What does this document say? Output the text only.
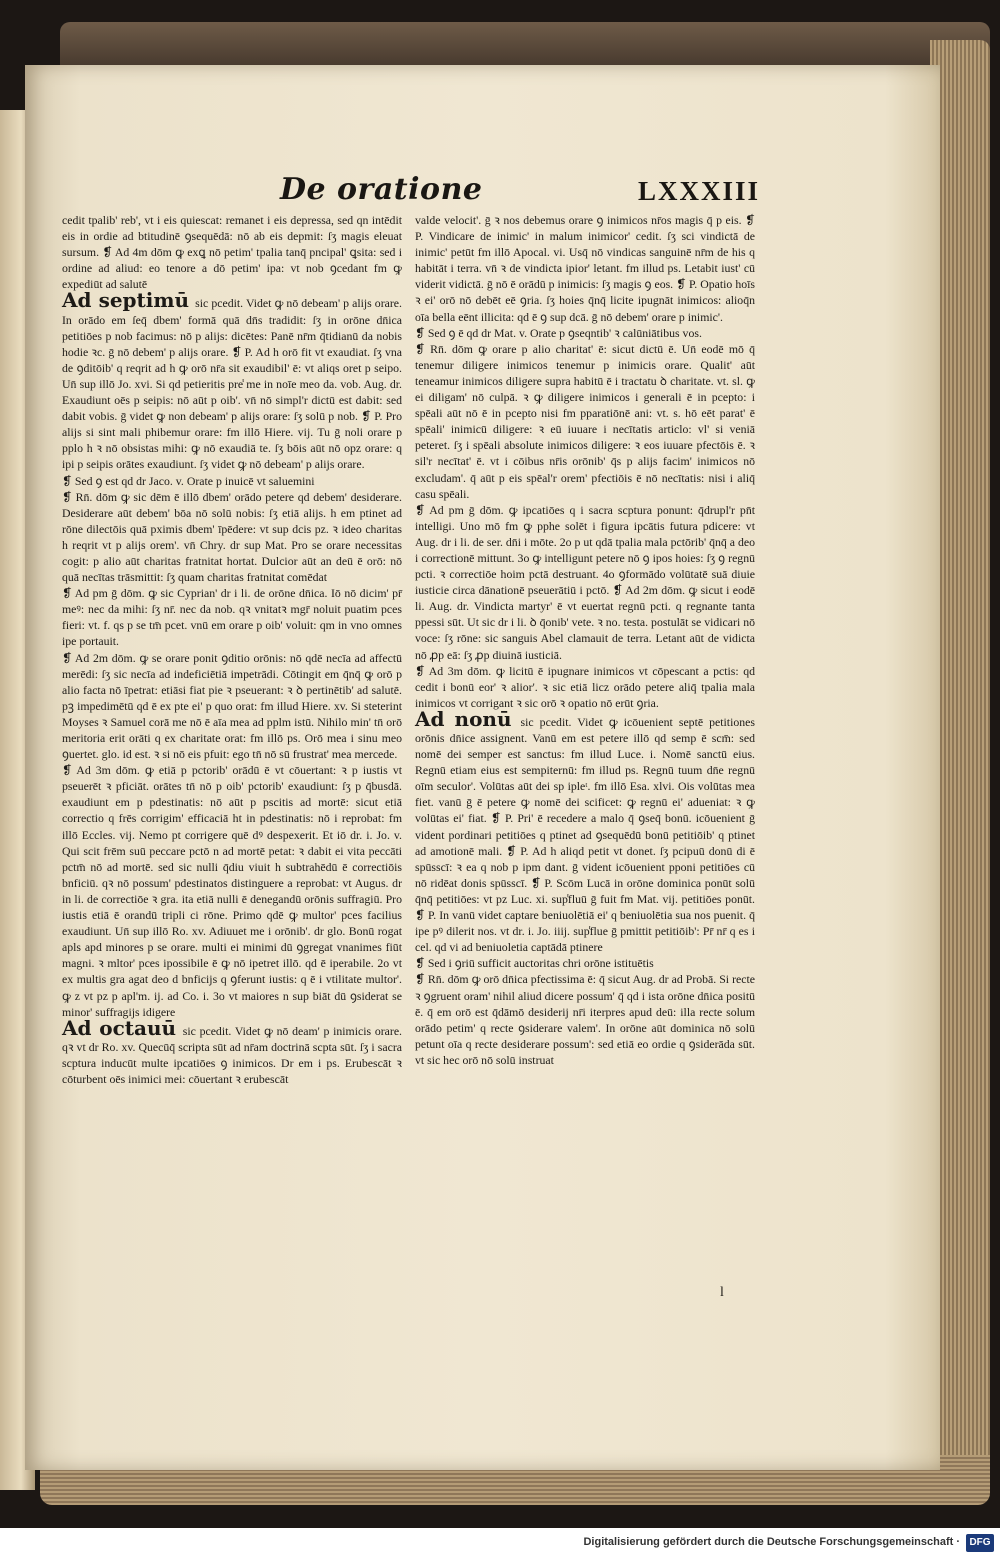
De oratione	LXXXIII

cedit tpalib' reb', vt i eis quiescat: remanet i eis depressa, sed qn intēdit eis in ordie ad btitudinē ꝯsequēdā: nō ab eis depmit: ſʒ magis eleuat sursum. ❡ Ad 4m dōm ꝙ exꝗ nō petim' tpalia tanq̄ pncipal' ꝗsita: sed i ordine ad aliud: eo tenore a dō petim' ipa: vt nob ꝯcedant fm ꝙ expediūt ad salutē

Ad septimū sic pcedit. Videt ꝙ nō debeam' p alijs orare. In orādo em ſeq̄ dbem' formā quā dn̄s tradidit: ſʒ in orōne dn̄ica petitiōes p nob facimus: nō p alijs: dicētes: Panē nr̄m q̄tidianū da nobis hodie ꝛc. ḡ nō debem' p alijs orare. ❡ P. Ad h orō fit vt exaudiat. ſʒ vna de ꝯditōib' q reqrit ad h ꝙ orō nr̄a sit exaudibil' ē: vt aliqs oret p seipo. Un̄ sup illō Jo. xvi. Si qd petieritis pre̾ me in noīe meo da. vob. Aug. dr. Exaudiunt oēs p seipis: nō aūt p oib'. vn̄ nō simpl'r dictū est dabit: sed dabit vobis. ḡ videt ꝙ non debeam' p alijs orare: ſʒ solū p nob. ❡ P. Pro alijs si sint mali phibemur orare: fm illō Hiere. vij. Tu ḡ noli orare p pplo h ꝛ nō obsistas mihi: ꝙ nō exaudiā te. ſʒ bōis aūt nō opz orare: q ipi p seipis orātes exaudiunt. ſʒ videt ꝙ nō debeam' p alijs orare.

❡ Sed ꝯ est qd dr Jaco. v. Orate p inuicē vt saluemini

❡ Rn̄. dōm ꝙ sic dēm ē illō dbem' orādo petere qd debem' desiderare. Desiderare aūt debem' bōa nō solū nobis: ſʒ etiā alijs. h em ptinet ad rōne dilectōis quā pximis dbem' īpēdere: vt sup dcis pz. ꝛ ideo charitas h reqrit vt p alijs orem'. vn̄ Chry. dr sup Mat. Pro se orare necessitas cogit: p alio aūt charitas fratnitat hortat. Dulcior aūt an deū ē orō: nō quā necītas trāsmittit: ſʒ quam charitas fratnitat comēdat

❡ Ad pm ḡ dōm. ꝙ sic Cyprian' dr i li. de orōne dn̄ica. Iō nō dicim' pr̄ meꝰ: nec da mihi: ſʒ nr̄. nec da nob. qꝛ vnitatꝛ mgr̄ noluit puatim pces fieri: vt. f. qs p se tm̄ pcet. vnū em orare p oib' voluit: qm in vno omnes ipe portauit.

❡ Ad 2m dōm. ꝙ se orare ponit ꝯditio orōnis: nō qdē necīa ad affectū merēdi: ſʒ sic necīa ad indeficiētiā impetrādi. Cōtingit em q̄nq̄ ꝙ orō p alio facta nō īpetrat: etiāsi fiat pie ꝛ pseuerant: ꝛ ꝺ pertinētib' ad salutē. pꝫ impedimētū qd ē ex pte ei' p quo orat: fm illud Hiere. xv. Si steterint Moyses ꝛ Samuel corā me nō ē aīa mea ad pplm istū. Nihilo min' tn̄ orō meritoria erit orāti q ex charitate orat: fm illō ps. Orō mea i sinu meo ꝯuertet. glo. id est. ꝛ si nō eis pfuit: ego tn̄ nō sū frustrat' mea mercede.

❡ Ad 3m dōm. ꝙ etiā p pctorib' orādū ē vt cōuertant: ꝛ p iustis vt pseuerēt ꝛ pficiāt. orātes tn̄ nō p oib' pctorib' exaudiunt: ſʒ p q̄busdā. exaudiunt em p pdestinatis: nō aūt p pscitis ad mortē: sicut etiā correctio q frēs corrigim' efficaciā ht in pdestinatis: nō i reprobat: fm illō Eccles. vij. Nemo pt corrigere quē dꝰ despexerit. Et iō dr. i. Jo. v. Qui scit frēm suū peccare pctō n ad mortē petat: ꝛ dabit ei vita peccāti pctm̄ nō ad mortē. sed sic nulli q̄diu viuit h subtrahēdū ē correctiōis bnficiū. qꝛ nō possum' pdestinatos distinguere a reprobat: vt Augus. dr in li. de correctiōe ꝛ gra. ita etiā nulli ē denegandū orōnis suffragiū. Pro iustis etiā ē orandū tripli ci rōne. Primo qdē ꝙ multor' pces facilius exaudiunt. Un̄ sup illō Ro. xv. Adiuuet me i orōnib'. dr glo. Bonū rogat apls apd minores p se orare. multi ei minimi dū ꝯgregat vnanimes fiūt magni. ꝛ mltor' pces ipossibile ē ꝙ nō ipetret illō. qd ē iperabile. 2o vt ex multis gra agat deo d bnficijs q ꝯferunt iustis: q ē i vtilitate multor'. ꝙ z vt pz p apl'm. ij. ad Co. i. 3o vt maiores n sup biāt dū ꝯsiderat se minor' suffragijs idigere

Ad octauū sic pcedit. Videt ꝙ nō deam' p inimicis orare. qꝛ vt dr Ro. xv. Quecūq̄ scripta sūt ad nr̄am doctrinā scpta sūt. ſʒ i sacra scptura inducūt multe ipcatiōes ꝯ inimicos. Dr em i ps. Erubescāt ꝛ cōturbent oēs inimici mei: cōuertant ꝛ erubescāt

valde velocit'. ḡ ꝛ nos debemus orare ꝯ inimicos nr̄os magis q̄ p eis. ❡ P. Vindicare de inimic' in malum inimicor' cedit. ſʒ sci vindictā de inimic' petūt fm illō Apocal. vi. Usq̄ nō vindicas sanguinē nr̄m de his q habitāt i terra. vn̄ ꝛ de vindicta ipior' letant. fm illud ps. Letabit iust' cū viderit vidictā. ḡ nō ē orādū p inimicis: ſʒ magis ꝯ eos. ❡ P. Opatio hoīs ꝛ ei' orō nō debēt eē ꝯria. ſʒ hoies q̄nq̄ licite ipugnāt inimicos: alioq̄n oīa bella eēnt illicita: qd ē ꝯ sup dcā. ḡ nō debem' orare p inimic'.

❡ Sed ꝯ ē qd dr Mat. v. Orate p ꝯseqntib' ꝛ calūniātibus vos.

❡ Rn̄. dōm ꝙ orare p alio charitat' ē: sicut dictū ē. Un̄ eodē mō q̄ tenemur diligere inimicos tenemur p inimicis orare. Qualit' aūt teneamur inimicos diligere supra habitū ē i tractatu ꝺ charitate. vt. sl. ꝙ ei diligam' nō culpā. ꝛ ꝙ diligere inimicos i generali ē in pcepto: i spēali aūt nō ē in pcepto nisi fm pparatiōnē ani: vt. s. hō eēt parat' ē spēali' inimicū diligere: ꝛ eū iuuare i necītatis articlo: vl' si veniā peteret. ſʒ i spēali absolute inimicos diligere: ꝛ eos iuuare pfectōis ē. ꝛ sil'r necītat' ē. vt i cōibus nr̄is orōnib' q̄s p alijs facim' inimicos nō excludam'. q̄ aūt p eis spēal'r orem' pfectiōis ē nō necītatis: nisi i aliq̄ casu spēali.

❡ Ad pm ḡ dōm. ꝙ ipcatiōes q i sacra scptura ponunt: q̄drupl'r pn̄t intelligi. Uno mō fm ꝙ pphe solēt i figura ipcātis futura pdicere: vt Aug. dr i li. de ser. dn̄i i mōte. 2o p ut qdā tpalia mala pctōrib' q̄nq̄ a deo i correctionē mittunt. 3o ꝙ intelligunt petere nō ꝯ ipos hoies: ſʒ ꝯ regnū pcti. ꝛ correctiōe hoim pctā destruant. 4o ꝯformādo volūtatē suā diuie iusticie circa dānationē pseuerātiū i pctō. ❡ Ad 2m dōm. ꝙ sicut i eodē li. Aug. dr. Vindicta martyr' ē vt euertat regnū pcti. q regnante tanta ppessi sūt. Ut sic dr i li. ꝺ q̄onib' vete. ꝛ no. testa. postulāt se vidicari nō voce: ſʒ rōne: sic sanguis Abel clamauit de terra. Letant aūt de vidicta nō ꝓp eā: ſʒ ꝓp diuinā iusticiā.

❡ Ad 3m dōm. ꝙ licitū ē ipugnare inimicos vt cōpescant a pctis: qd cedit i bonū eor' ꝛ alior'. ꝛ sic etiā licz orādo petere aliq̄ tpalia mala inimicos vt corrigant ꝛ sic orō ꝛ opatio nō erūt ꝯria.

Ad nonū sic pcedit. Videt ꝙ icōuenient septē petitiones orōnis dn̄ice assignent. Vanū em est petere illō qd semp ē scm̄: sed nomē dei semper est sanctus: fm illud Luce. i. Nomē sanctū eius. Regnū etiam eius est sempiternū: fm illud ps. Regnū tuum dn̄e regnū oīm seculor'. Volūtas aūt dei sp ipleᵗ. fm illō Esa. xlvi. Ois volūtas mea fiet. vanū ḡ ē petere ꝙ nomē dei scificet: ꝙ regnū ei' adueniat: ꝛ ꝙ volūtas ei' fiat. ❡ P. Pri' ē recedere a malo q̄ ꝯseq̄ bonū. icōuenient ḡ vident pordinari petitiōes q ptinet ad ꝯsequēdū bonū petitiōib' q ptinet ad amotionē mali. ❡ P. Ad h aliqd petit vt donet. ſʒ pcipuū donū di ē spūsscī: ꝛ ea q nob p ipm dant. ḡ vident icōuenient pponi petitiōes cū nō ridēat donis spūsscī. ❡ P. Scōm Lucā in orōne dominica ponūt solū q̄nq̄ petitiōes: vt pz Luc. xi. sup̾fluū ḡ fuit fm Mat. vij. petitiōes ponūt. ❡ P. In vanū videt captare beniuolētiā ei' q beniuolētia sua nos puenit. q̄ ipe pꝰ dilerit nos. vt dr. i. Jo. iiij. sup̾flue ḡ pmittit petitiōib': Pr̄ nr̄ q es i cel. qd vi ad beniuoletia captādā ptinere

❡ Sed i ꝯriū sufficit auctoritas chri orōne istituētis

❡ Rn̄. dōm ꝙ orō dn̄ica pfectissima ē: q̄ sicut Aug. dr ad Probā. Si recte ꝛ ꝯgruent oram' nihil aliud dicere possum' q̄ qd i ista orōne dn̄ica positū ē. q̄ em orō est q̄dāmō desiderij nr̄i iterpres apud deū: illa recte solum orādo petim' q recte ꝯsiderare valem'. In orōne aūt dominica nō solū petunt oīa q recte desiderare possum': sed etiā eo ordie q ꝯsiderāda sūt. vt sic hec orō nō solū instruat

l
Digitalisierung gefördert durch die Deutsche Forschungsgemeinschaft · DFG
